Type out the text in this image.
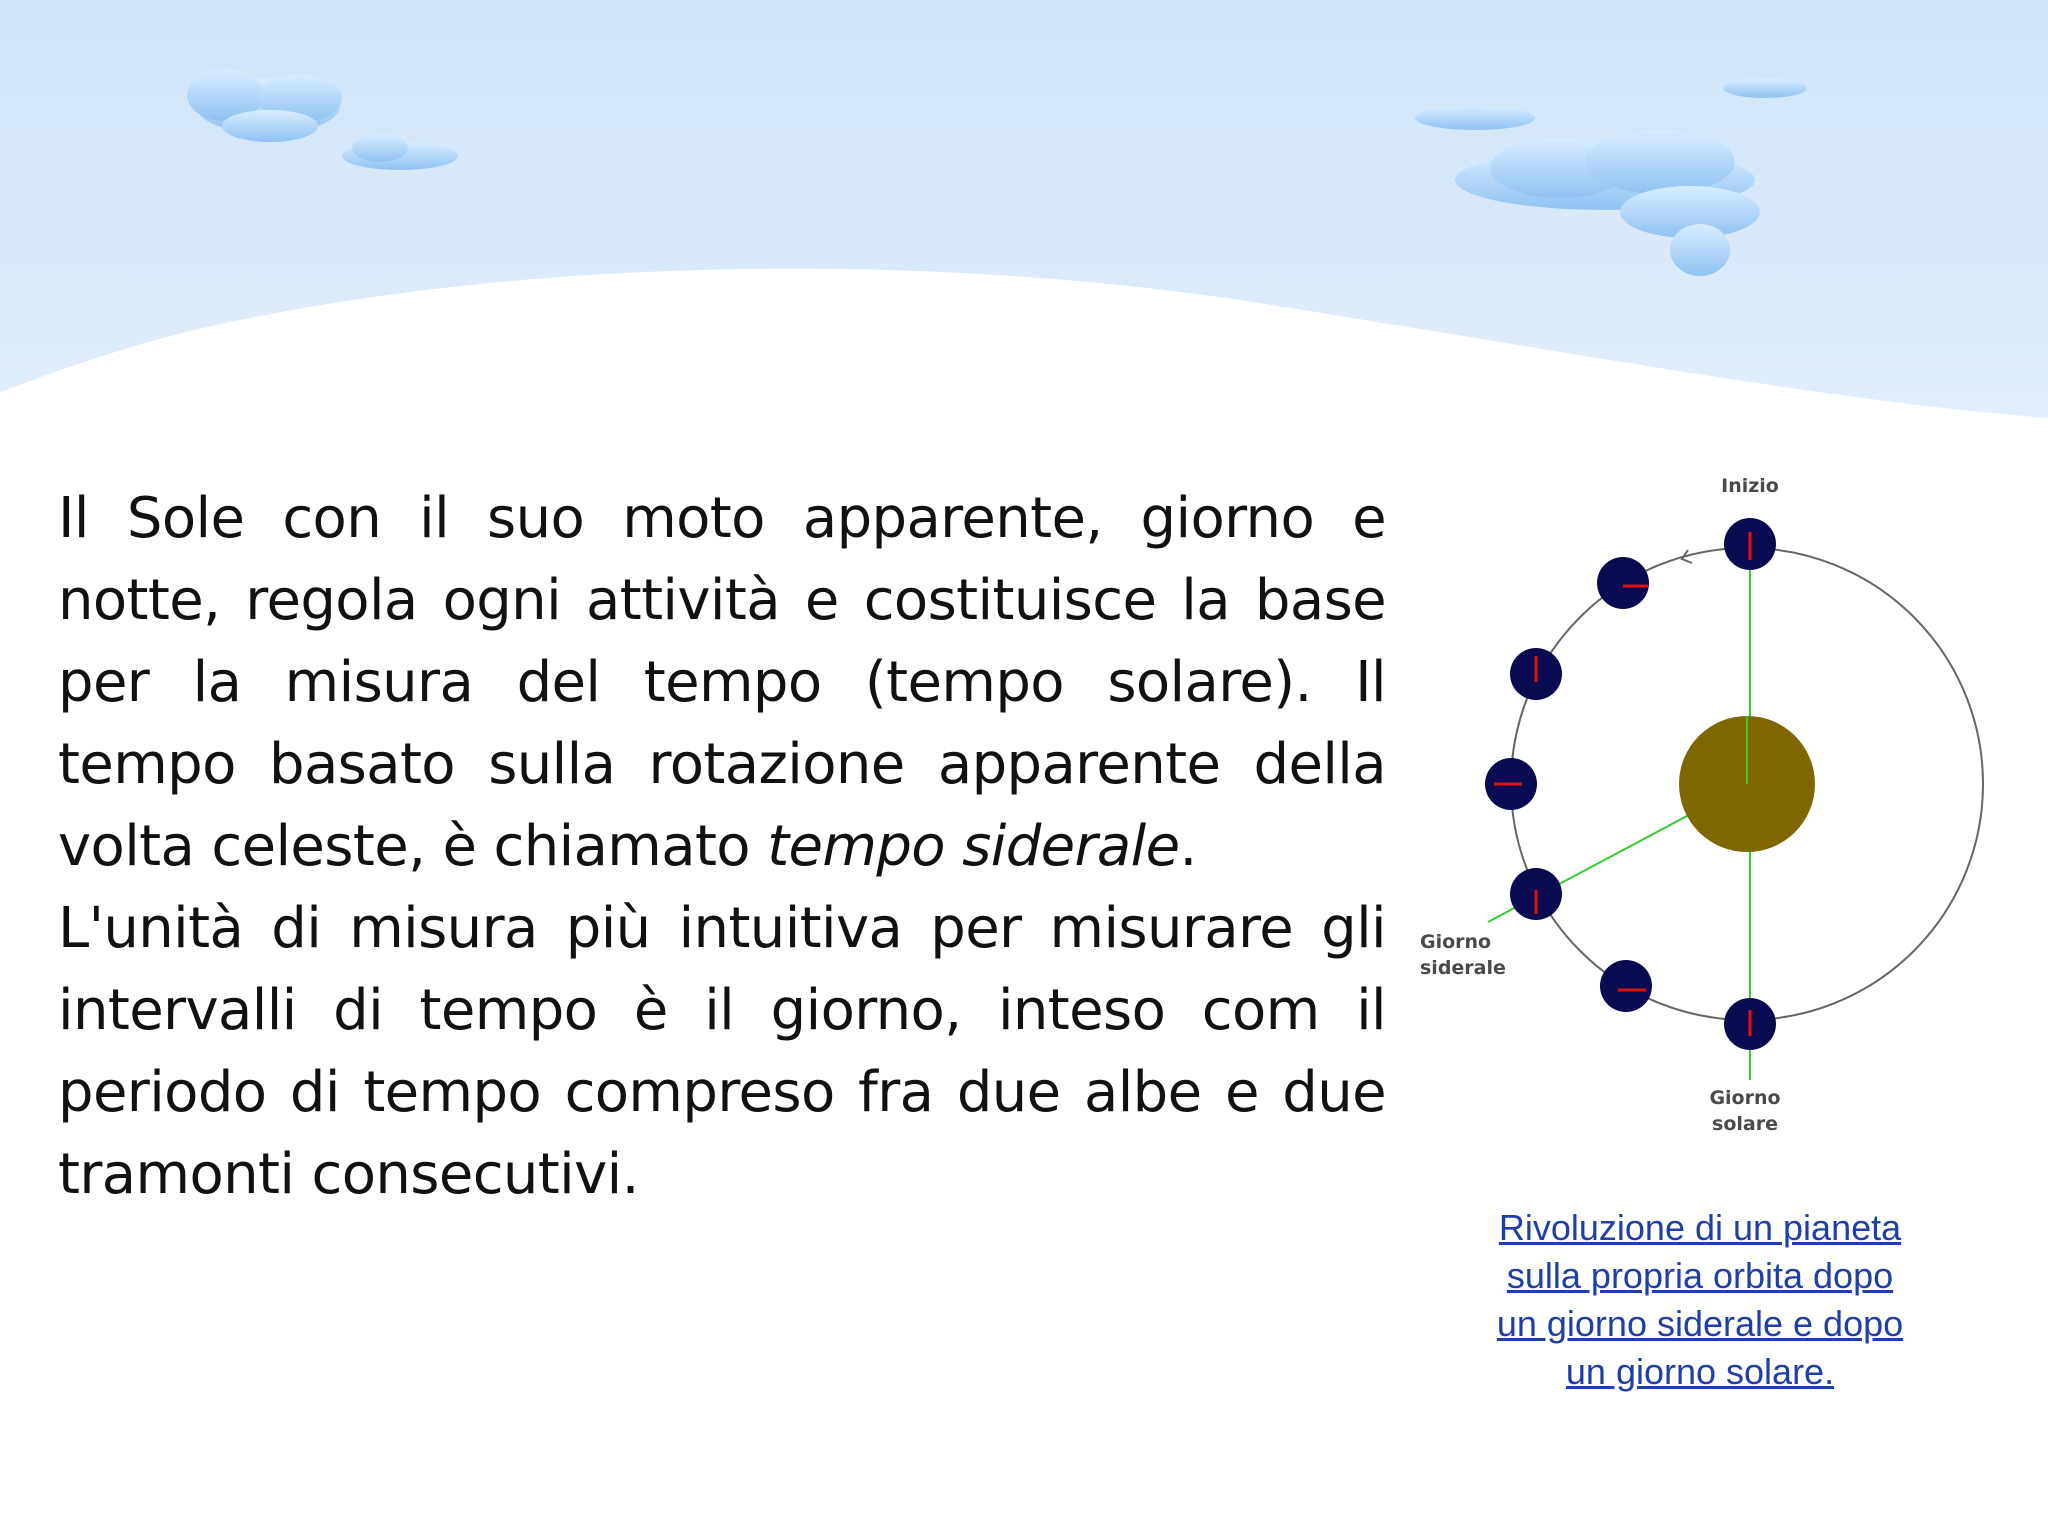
Il Sole con il suo moto apparente, giorno e notte, regola ogni attività e costituisce la base per la misura del tempo (tempo solare). Il tempo basato sulla rotazione apparente della volta celeste, è chiamato tempo siderale.

L'unità di misura più intuitiva per misurare gli intervalli di tempo è il giorno, inteso com il periodo di tempo compreso fra due albe e due tramonti consecutivi.

Inizio
Giorno
siderale
Giorno
solare
Rivoluzione di un pianeta
sulla propria orbita dopo
un giorno siderale e dopo
un giorno solare.
